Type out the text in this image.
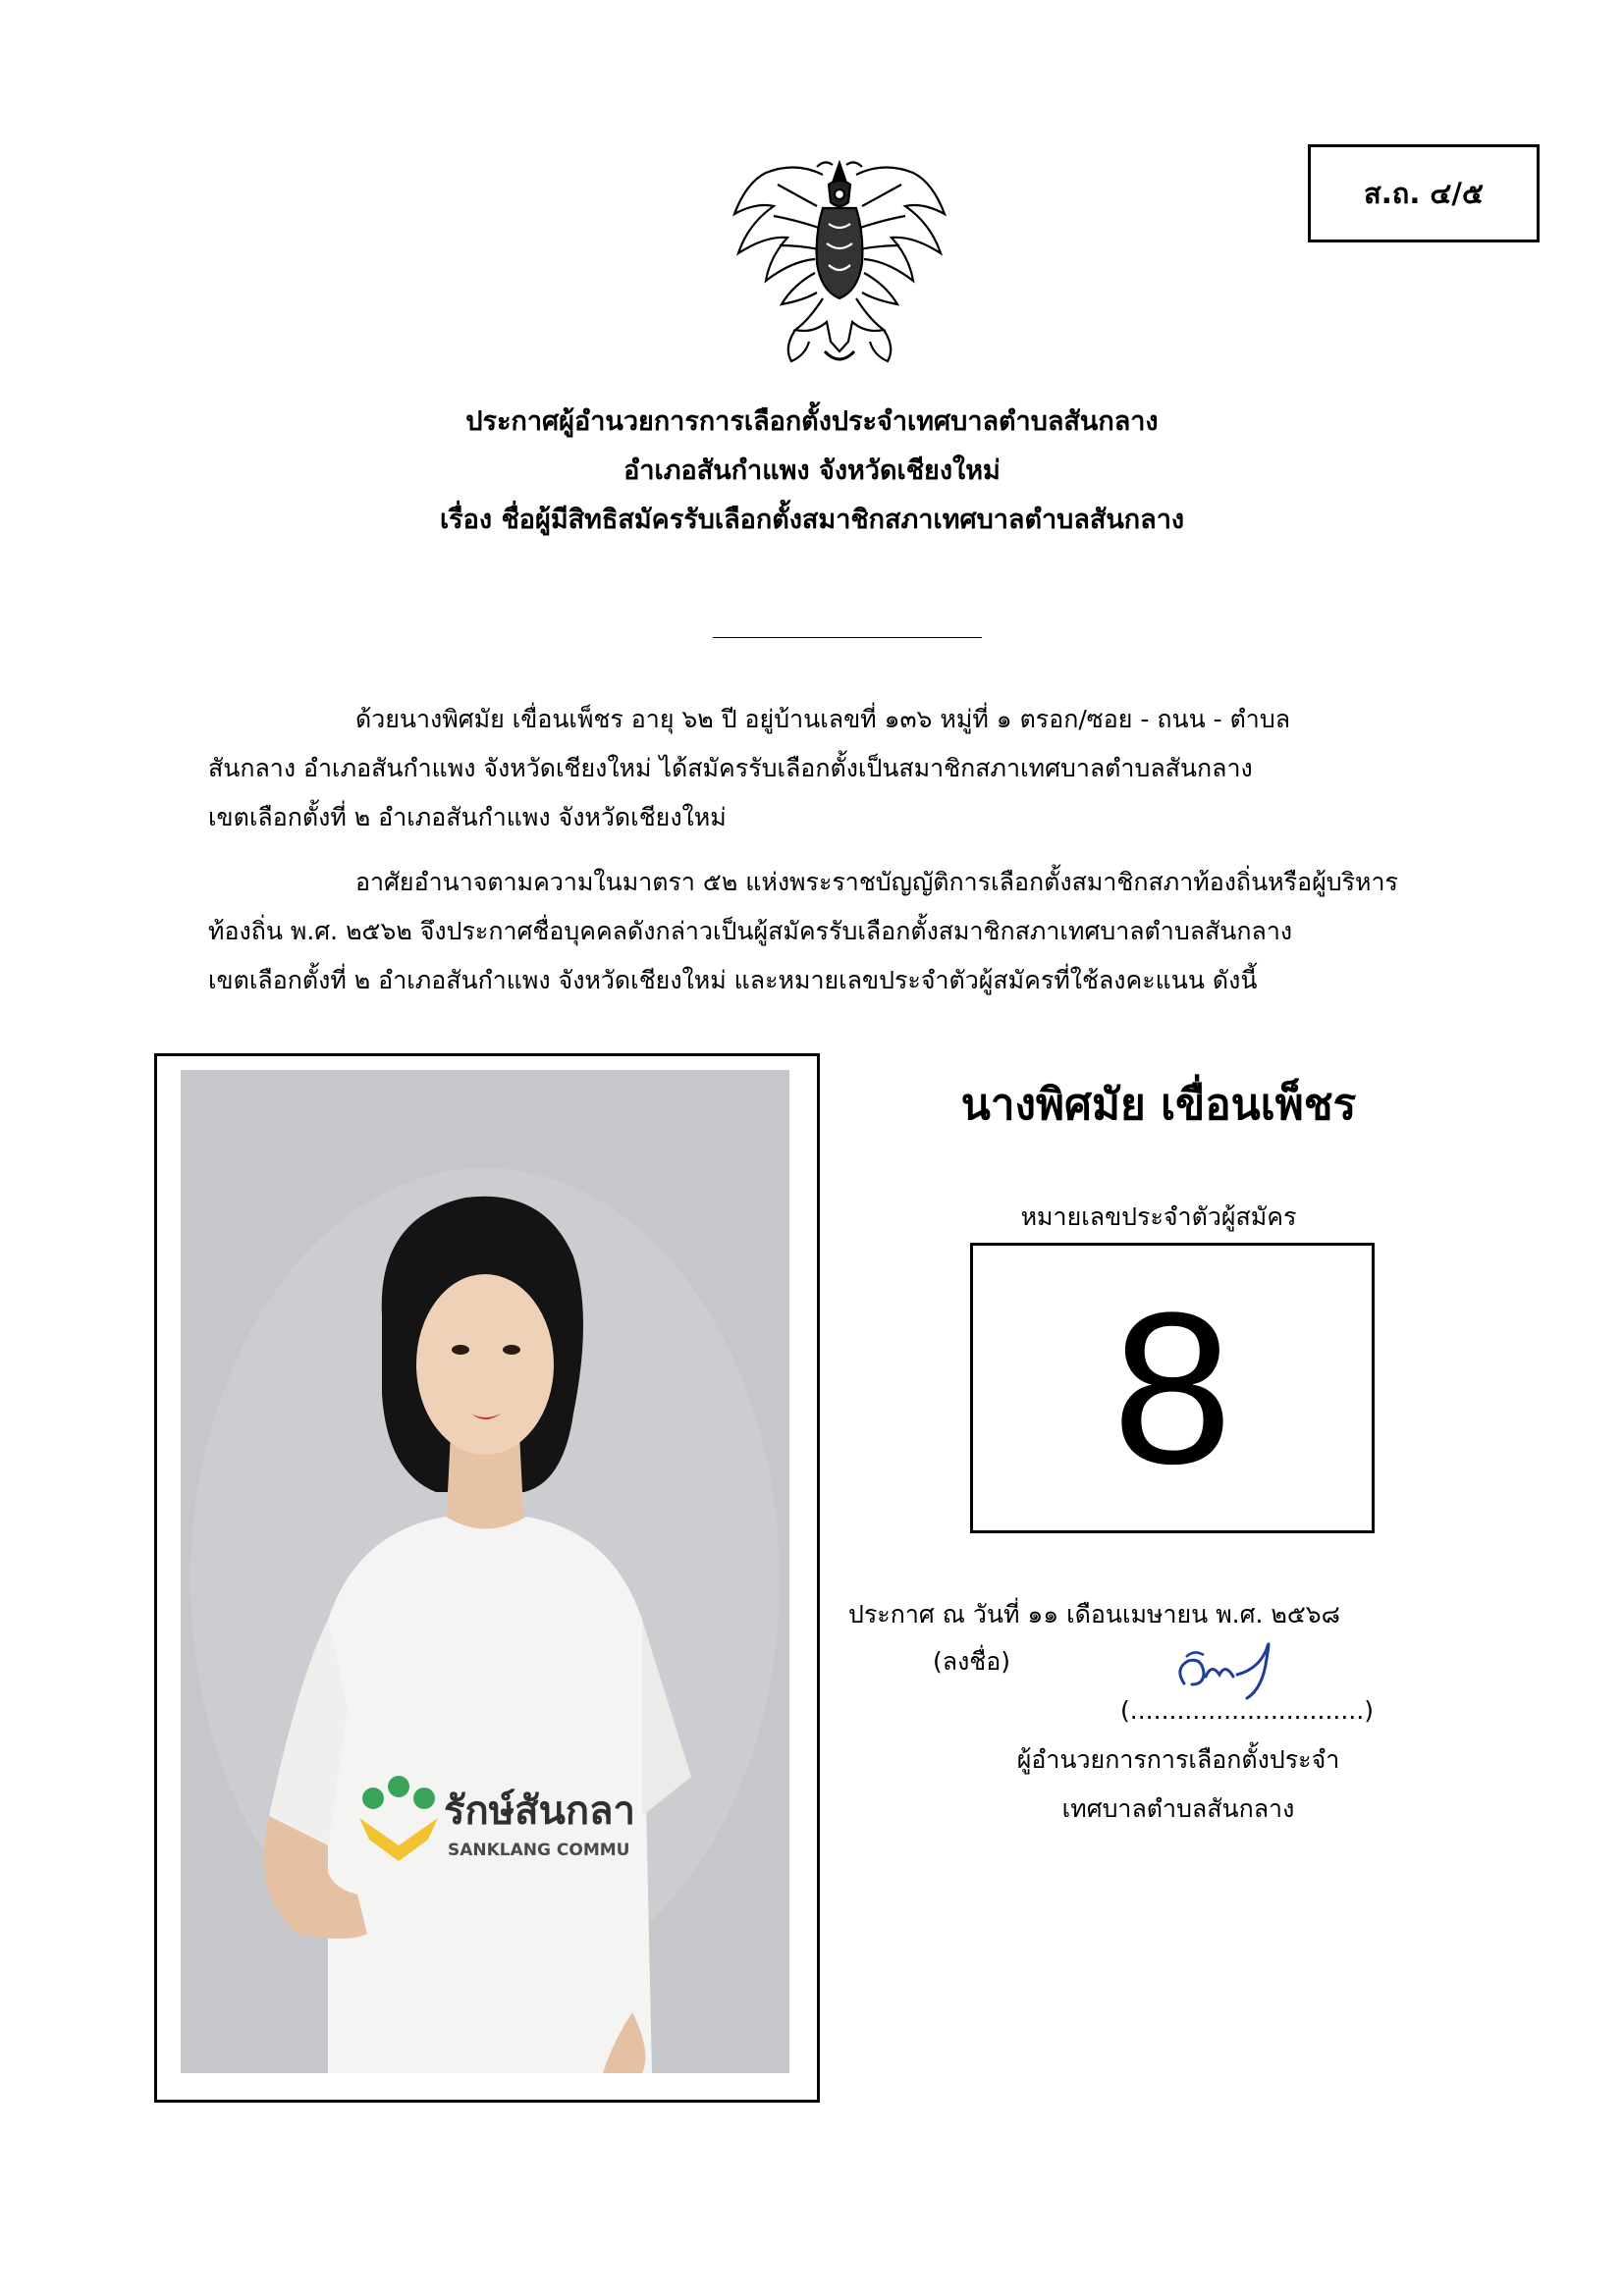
ส.ถ. ๔/๕
ประกาศผู้อำนวยการการเลือกตั้งประจำเทศบาลตำบลสันกลาง
อำเภอสันกำแพง จังหวัดเชียงใหม่
เรื่อง ชื่อผู้มีสิทธิสมัครรับเลือกตั้งสมาชิกสภาเทศบาลตำบลสันกลาง

ด้วยนางพิศมัย เขื่อนเพ็ชร อายุ ๖๒ ปี อยู่บ้านเลขที่ ๑๓๖ หมู่ที่ ๑ ตรอก/ซอย - ถนน - ตำบล

สันกลาง อำเภอสันกำแพง จังหวัดเชียงใหม่ ได้สมัครรับเลือกตั้งเป็นสมาชิกสภาเทศบาลตำบลสันกลาง

เขตเลือกตั้งที่ ๒ อำเภอสันกำแพง จังหวัดเชียงใหม่

อาศัยอำนาจตามความในมาตรา ๕๒ แห่งพระราชบัญญัติการเลือกตั้งสมาชิกสภาท้องถิ่นหรือผู้บริหาร

ท้องถิ่น พ.ศ. ๒๕๖๒ จึงประกาศชื่อบุคคลดังกล่าวเป็นผู้สมัครรับเลือกตั้งสมาชิกสภาเทศบาลตำบลสันกลาง

เขตเลือกตั้งที่ ๒ อำเภอสันกำแพง จังหวัดเชียงใหม่ และหมายเลขประจำตัวผู้สมัครที่ใช้ลงคะแนน ดังนี้

รักษ์สันกลา
SANKLANG COMMU
นางพิศมัย เขื่อนเพ็ชร
หมายเลขประจำตัวผู้สมัคร
8
ประกาศ ณ วันที่ ๑๑ เดือนเมษายน พ.ศ. ๒๕๖๘
(ลงชื่อ)
(..............................)
ผู้อำนวยการการเลือกตั้งประจำ
เทศบาลตำบลสันกลาง
